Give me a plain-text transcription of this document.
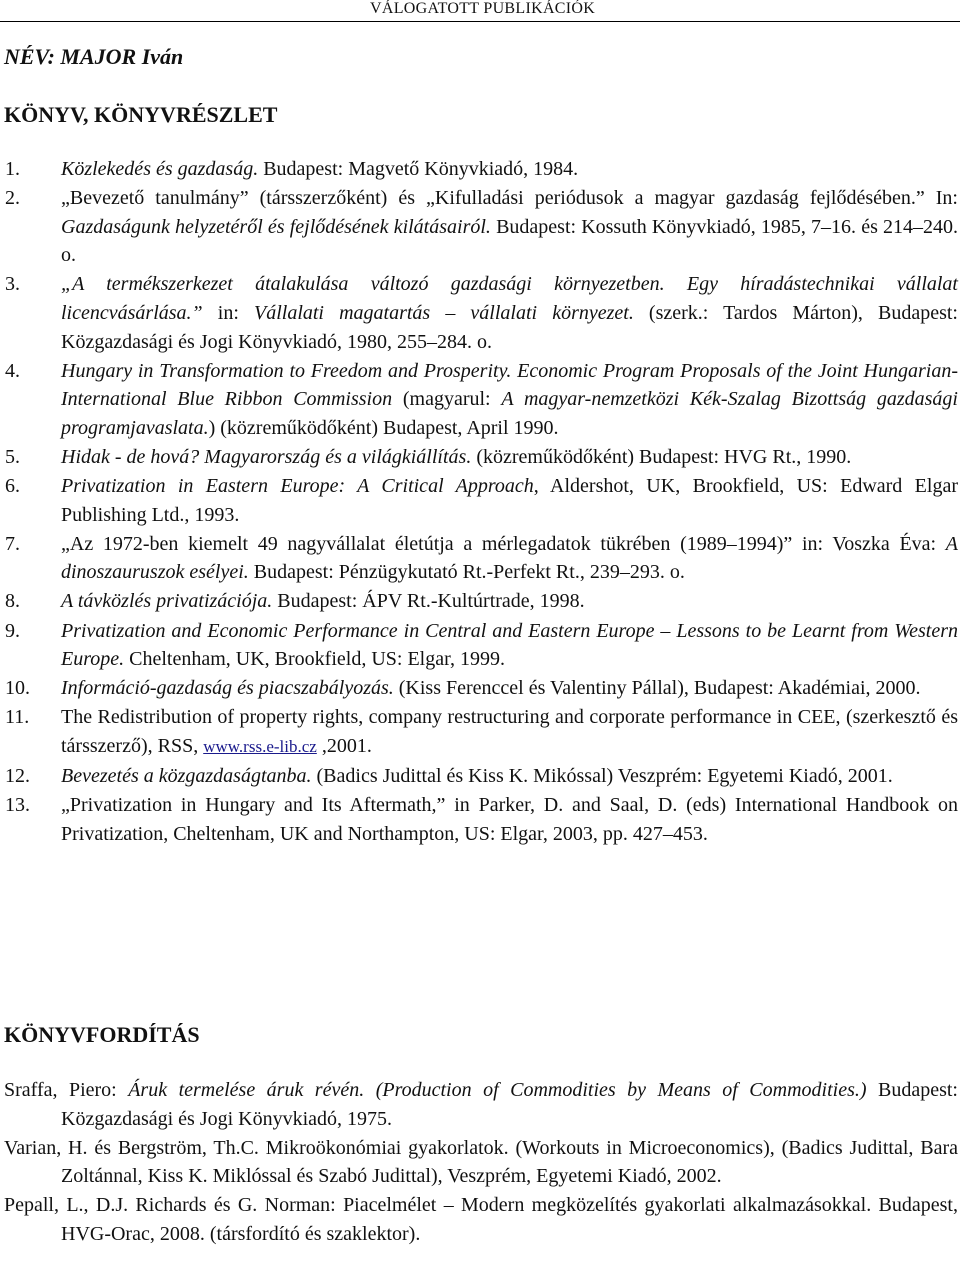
VÁLOGATOTT PUBLIKÁCIÓK
NÉV: MAJOR Iván
KÖNYV, KÖNYVRÉSZLET
1. Közlekedés és gazdaság. Budapest: Magvető Könyvkiadó, 1984.
2. „Bevezető tanulmány” (társszerzőként) és „Kifulladási periódusok a magyar gazdaság fejlődésében.” In: Gazdaságunk helyzetéről és fejlődésének kilátásairól. Budapest: Kossuth Könyvkiadó, 1985, 7–16. és 214–240. o.
3. „A termékszerkezet átalakulása változó gazdasági környezetben. Egy híradástechnikai vállalat licencvásárlása.” in: Vállalati magatartás – vállalati környezet. (szerk.: Tardos Márton), Budapest: Közgazdasági és Jogi Könyvkiadó, 1980, 255–284. o.
4. Hungary in Transformation to Freedom and Prosperity. Economic Program Proposals of the Joint Hungarian-International Blue Ribbon Commission (magyarul: A magyar-nemzetközi Kék-Szalag Bizottság gazdasági programjavaslata.) (közreműködőként) Budapest, April 1990.
5. Hidak - de hová? Magyarország és a világkiállítás. (közreműködőként) Budapest: HVG Rt., 1990.
6. Privatization in Eastern Europe: A Critical Approach, Aldershot, UK, Brookfield, US: Edward Elgar Publishing Ltd., 1993.
7. „Az 1972-ben kiemelt 49 nagyvállalat életútja a mérlegadatok tükrében (1989–1994)” in: Voszka Éva: A dinoszauruszok esélyei. Budapest: Pénzügykutató Rt.-Perfekt Rt., 239–293. o.
8. A távközlés privatizációja. Budapest: ÁPV Rt.-Kultúrtrade, 1998.
9. Privatization and Economic Performance in Central and Eastern Europe – Lessons to be Learnt from Western Europe. Cheltenham, UK, Brookfield, US: Elgar, 1999.
10. Információ-gazdaság és piacszabályozás. (Kiss Ferenccel és Valentiny Pállal), Budapest: Akadémiai, 2000.
11. The Redistribution of property rights, company restructuring and corporate performance in CEE, (szerkesztő és társszerző), RSS, www.rss.e-lib.cz ,2001.
12. Bevezetés a közgazdaságtanba. (Badics Judittal és Kiss K. Mikóssal) Veszprém: Egyetemi Kiadó, 2001.
13. „Privatization in Hungary and Its Aftermath,” in Parker, D. and Saal, D. (eds) International Handbook on Privatization, Cheltenham, UK and Northampton, US: Elgar, 2003, pp. 427–453.
KÖNYVFORDÍTÁS

Sraffa, Piero: Áruk termelése áruk révén. (Production of Commodities by Means of Commodities.) Budapest: Közgazdasági és Jogi Könyvkiadó, 1975.

Varian, H. és Bergström, Th.C. Mikroökonómiai gyakorlatok. (Workouts in Microeconomics), (Badics Judittal, Bara Zoltánnal, Kiss K. Miklóssal és Szabó Judittal), Veszprém, Egyetemi Kiadó, 2002.

Pepall, L., D.J. Richards és G. Norman: Piacelmélet – Modern megközelítés gyakorlati alkalmazásokkal. Budapest, HVG-Orac, 2008. (társfordító és szaklektor).
